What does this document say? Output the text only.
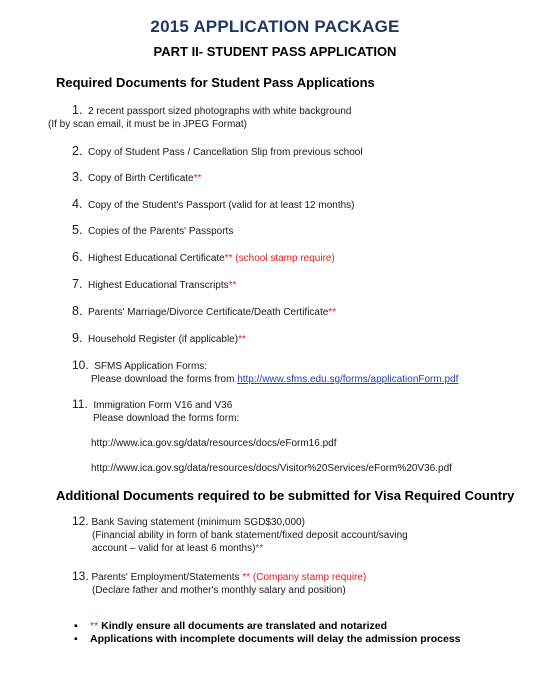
2015 APPLICATION PACKAGE
PART II- STUDENT PASS APPLICATION
Required Documents for Student Pass Applications
1. 2 recent passport sized photographs with white background
(If by scan email, it must be in JPEG Format)
2. Copy of Student Pass / Cancellation Slip from previous school
3. Copy of Birth Certificate**
4. Copy of the Student's Passport (valid for at least 12 months)
5. Copies of the Parents' Passports
6. Highest Educational Certificate** (school stamp require)
7. Highest Educational Transcripts**
8. Parents' Marriage/Divorce Certificate/Death Certificate**
9. Household Register (if applicable)**
10. SFMS Application Forms:
Please download the forms from http://www.sfms.edu.sg/forms/applicationForm.pdf
11. Immigration Form V16 and V36
Please download the forms form:
http://www.ica.gov.sg/data/resources/docs/eForm16.pdf
http://www.ica.gov.sg/data/resources/docs/Visitor%20Services/eForm%20V36.pdf
Additional Documents required to be submitted for Visa Required Country
12. Bank Saving statement (minimum SGD$30,000)
(Financial ability in form of bank statement/fixed deposit account/saving
account – valid for at least 6 months)**
13. Parents' Employment/Statements ** (Company stamp require)
(Declare father and mother's monthly salary and position)
▪ ** Kindly ensure all documents are translated and notarized
▪ Applications with incomplete documents will delay the admission process
